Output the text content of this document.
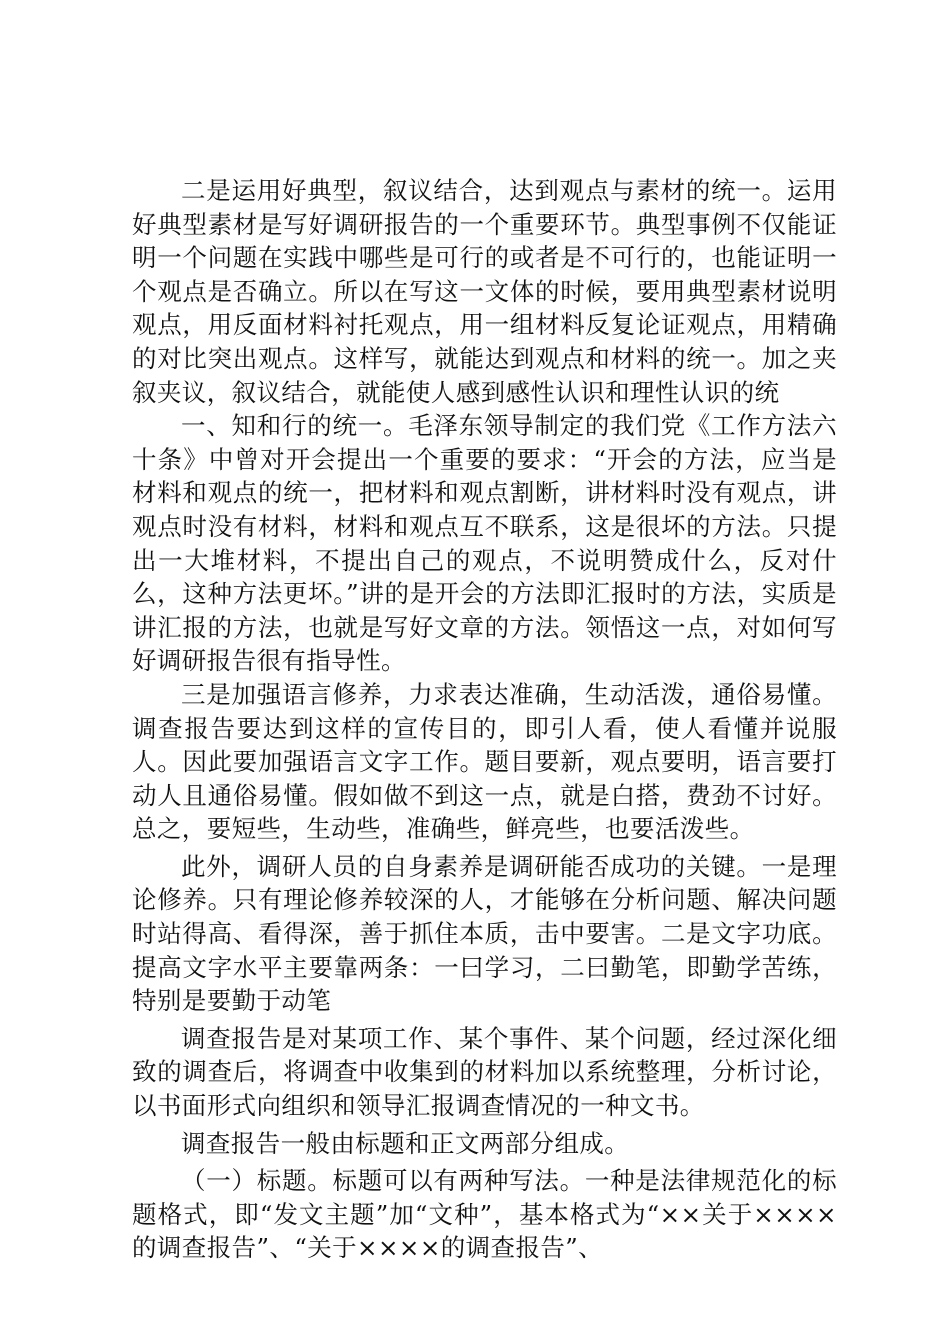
二是运用好典型，叙议结合，达到观点与素材的统一。运用好典型素材是写好调研报告的一个重要环节。典型事例不仅能证明一个问题在实践中哪些是可行的或者是不可行的，也能证明一个观点是否确立。所以在写这一文体的时候，要用典型素材说明观点，用反面材料衬托观点，用一组材料反复论证观点，用精确的对比突出观点。这样写，就能达到观点和材料的统一。加之夹叙夹议，叙议结合，就能使人感到感性认识和理性认识的统

一、知和行的统一。毛泽东领导制定的我们党《工作方法六十条》中曾对开会提出一个重要的要求：“开会的方法，应当是材料和观点的统一，把材料和观点割断，讲材料时没有观点，讲观点时没有材料，材料和观点互不联系，这是很坏的方法。只提出一大堆材料，不提出自己的观点，不说明赞成什么，反对什么，这种方法更坏。”讲的是开会的方法即汇报时的方法，实质是讲汇报的方法，也就是写好文章的方法。领悟这一点，对如何写好调研报告很有指导性。

三是加强语言修养，力求表达准确，生动活泼，通俗易懂。调查报告要达到这样的宣传目的，即引人看，使人看懂并说服人。因此要加强语言文字工作。题目要新，观点要明，语言要打动人且通俗易懂。假如做不到这一点，就是白搭，费劲不讨好。总之，要短些，生动些，准确些，鲜亮些，也要活泼些。

此外，调研人员的自身素养是调研能否成功的关键。一是理论修养。只有理论修养较深的人，才能够在分析问题、解决问题时站得高、看得深，善于抓住本质，击中要害。二是文字功底。提高文字水平主要靠两条：一曰学习，二曰勤笔，即勤学苦练，特别是要勤于动笔

调查报告是对某项工作、某个事件、某个问题，经过深化细致的调查后，将调查中收集到的材料加以系统整理，分析讨论，以书面形式向组织和领导汇报调查情况的一种文书。

调查报告一般由标题和正文两部分组成。

（一）标题。标题可以有两种写法。一种是法律规范化的标题格式，即“发文主题”加“文种”，基本格式为“××关于××××的调查报告”、“关于××××的调查报告”、
